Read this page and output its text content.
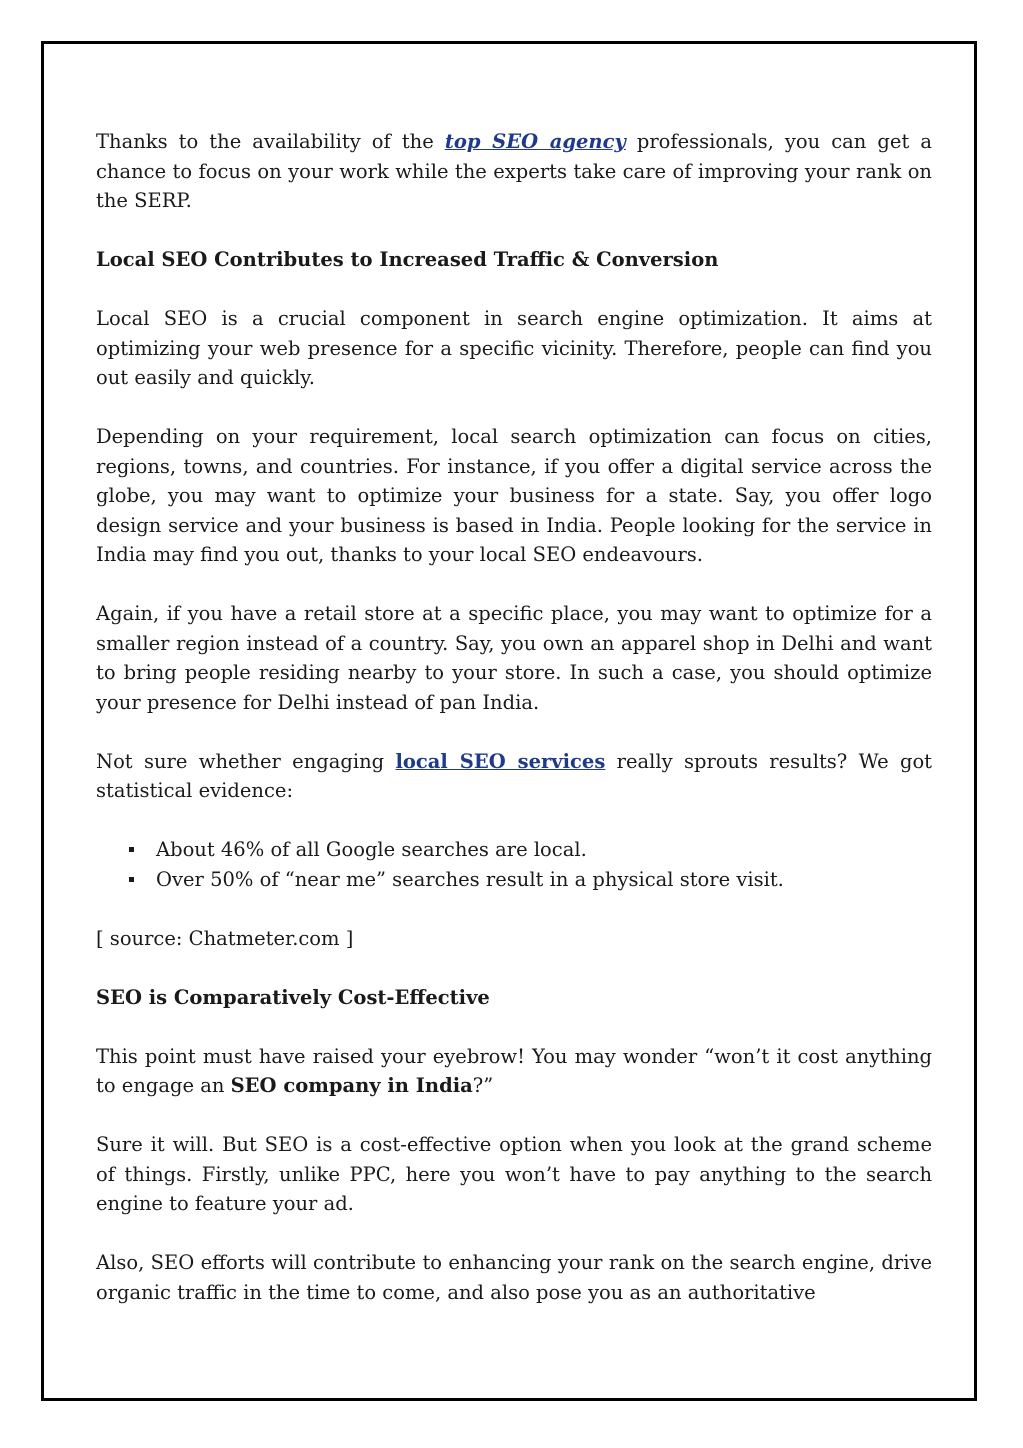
Thanks to the availability of the top SEO agency professionals, you can get a chance to focus on your work while the experts take care of improving your rank on the SERP.

Local SEO Contributes to Increased Traffic & Conversion

Local SEO is a crucial component in search engine optimization. It aims at optimizing your web presence for a specific vicinity. Therefore, people can find you out easily and quickly.

Depending on your requirement, local search optimization can focus on cities, regions, towns, and countries. For instance, if you offer a digital service across the globe, you may want to optimize your business for a state. Say, you offer logo design service and your business is based in India. People looking for the service in India may find you out, thanks to your local SEO endeavours.

Again, if you have a retail store at a specific place, you may want to optimize for a smaller region instead of a country. Say, you own an apparel shop in Delhi and want to bring people residing nearby to your store. In such a case, you should optimize your presence for Delhi instead of pan India.

Not sure whether engaging local SEO services really sprouts results? We got statistical evidence:

About 46% of all Google searches are local.
Over 50% of “near me” searches result in a physical store visit.

[ source: Chatmeter.com ]

SEO is Comparatively Cost-Effective

This point must have raised your eyebrow! You may wonder “won’t it cost anything to engage an SEO company in India?”

Sure it will. But SEO is a cost-effective option when you look at the grand scheme of things. Firstly, unlike PPC, here you won’t have to pay anything to the search engine to feature your ad.

Also, SEO efforts will contribute to enhancing your rank on the search engine, drive organic traffic in the time to come, and also pose you as an authoritative
